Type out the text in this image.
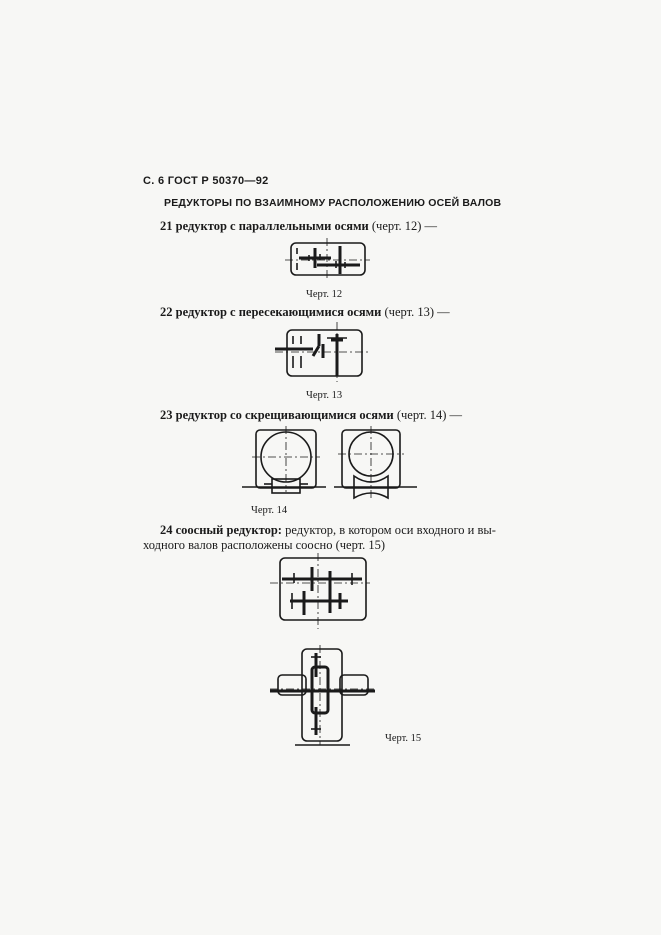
С. 6 ГОСТ Р 50370—92
РЕДУКТОРЫ ПО ВЗАИМНОМУ РАСПОЛОЖЕНИЮ ОСЕЙ ВАЛОВ
21 редуктор с параллельными осями (черт. 12) —
Черт. 12
22 редуктор с пересекающимися осями (черт. 13) —
Черт. 13
23 редуктор со скрещивающимися осями (черт. 14) —
Черт. 14
24 соосный редуктор: редуктор, в котором оси входного и вы-
ходного валов расположены соосно (черт. 15)
Черт. 15
